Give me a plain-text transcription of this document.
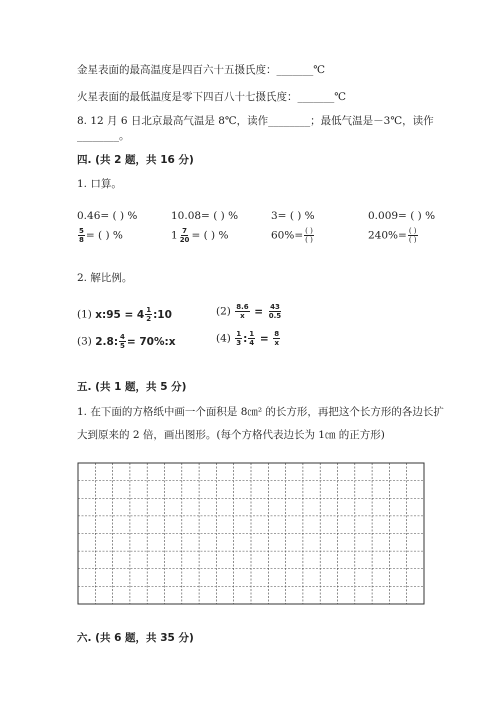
金星表面的最高温度是四百六十五摄氏度：_______℃
火星表面的最低温度是零下四百八十七摄氏度：_______℃
8. 12 月 6 日北京最高气温是 8℃，读作________；最低气温是－3℃，读作
________。
四. (共 2 题，共 16 分)
1. 口算。
0.46= ( ) %	10.08= ( ) %	3= ( ) %	0.009= ( ) %
$\frac{5}{8}$ = ( ) %	$1 \frac{7}{20}$ = ( ) %	$60\%= \frac{( )}{( )}$	$240\%= \frac{( )}{( )}$
2. 解比例。
(1) x:95 = $4 \frac{1}{2}$ :10	$(2) \frac{8.6}{x} = \frac{43}{0.5}$
(3) 2.8: $\frac{4}{5}$ = 70%:x	$(4) \frac{1}{3}$ : $\frac{1}{4} = \frac{8}{x}$
五. (共 1 题，共 5 分)
1. 在下面的方格纸中画一个面积是 8㎝² 的长方形，再把这个长方形的各边长扩
大到原来的 2 倍，画出图形。(每个方格代表边长为 1㎝ 的正方形)
六. (共 6 题，共 35 分)
